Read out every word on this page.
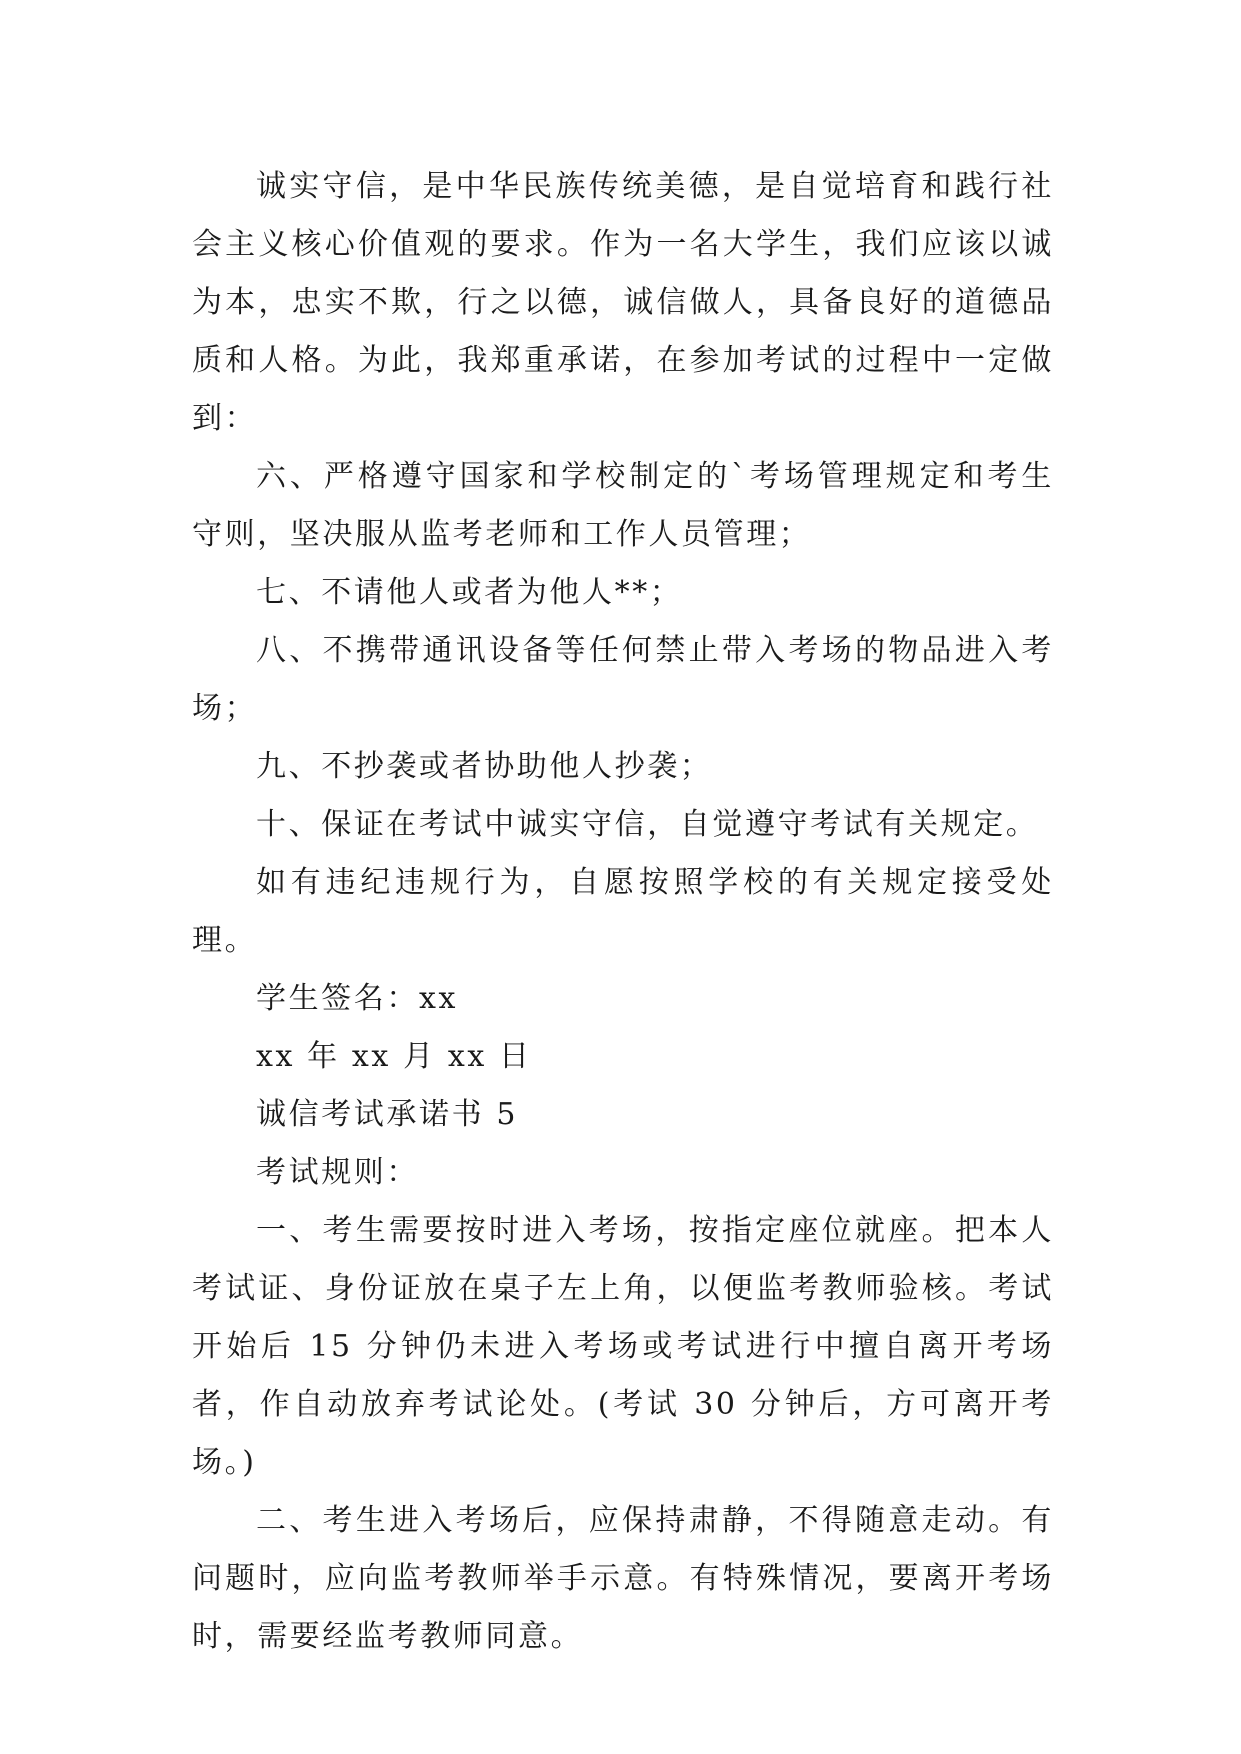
诚实守信，是中华民族传统美德，是自觉培育和践行社会主义核心价值观的要求。作为一名大学生，我们应该以诚为本，忠实不欺，行之以德，诚信做人，具备良好的道德品质和人格。为此，我郑重承诺，在参加考试的过程中一定做到：

六、严格遵守国家和学校制定的`考场管理规定和考生守则，坚决服从监考老师和工作人员管理；

七、不请他人或者为他人**；

八、不携带通讯设备等任何禁止带入考场的物品进入考场；

九、不抄袭或者协助他人抄袭；

十、保证在考试中诚实守信，自觉遵守考试有关规定。

如有违纪违规行为，自愿按照学校的有关规定接受处理。

学生签名：xx

xx 年 xx 月 xx 日

诚信考试承诺书 5

考试规则：

一、考生需要按时进入考场，按指定座位就座。把本人考试证、身份证放在桌子左上角，以便监考教师验核。考试开始后 15 分钟仍未进入考场或考试进行中擅自离开考场者，作自动放弃考试论处。(考试 30 分钟后，方可离开考场。)

二、考生进入考场后，应保持肃静，不得随意走动。有问题时，应向监考教师举手示意。有特殊情况，要离开考场时，需要经监考教师同意。
